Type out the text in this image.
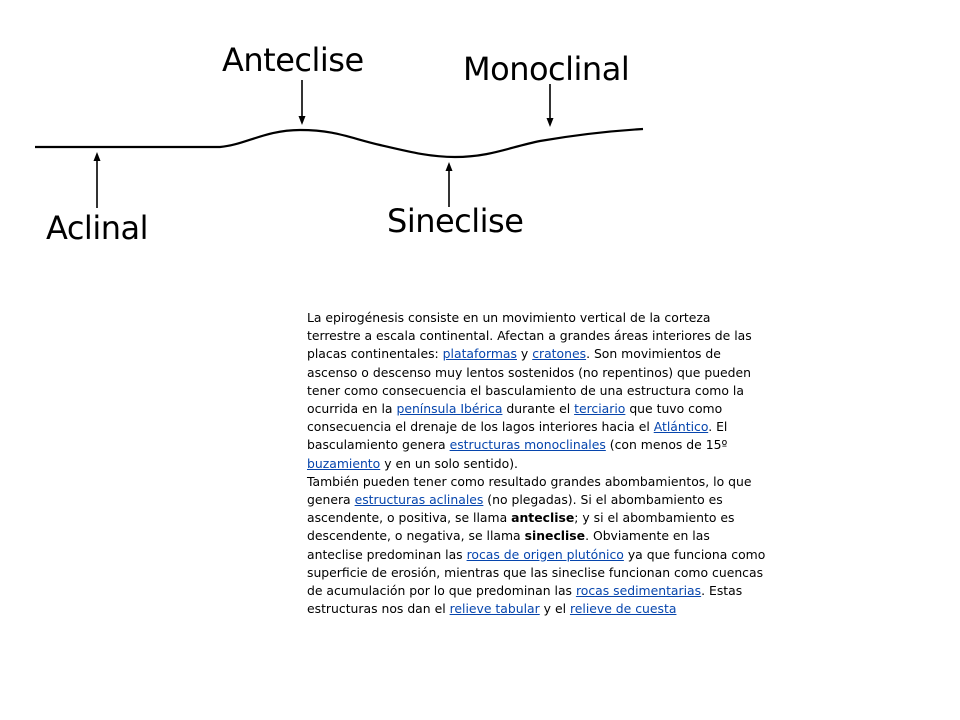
Anteclise	Monoclinal
Aclinal	Sineclise

La epirogénesis consiste en un movimiento vertical de la corteza terrestre a escala continental. Afectan a grandes áreas interiores de las placas continentales: plataformas y cratones. Son movimientos de ascenso o descenso muy lentos sostenidos (no repentinos) que pueden tener como consecuencia el basculamiento de una estructura como la ocurrida en la península Ibérica durante el terciario que tuvo como consecuencia el drenaje de los lagos interiores hacia el Atlántico. El basculamiento genera estructuras monoclinales (con menos de 15º buzamiento y en un solo sentido).

También pueden tener como resultado grandes abombamientos, lo que genera estructuras aclinales (no plegadas). Si el abombamiento es ascendente, o positiva, se llama anteclise; y si el abombamiento es descendente, o negativa, se llama sineclise. Obviamente en las anteclise predominan las rocas de origen plutónico ya que funciona como superficie de erosión, mientras que las sineclise funcionan como cuencas de acumulación por lo que predominan las rocas sedimentarias. Estas estructuras nos dan el relieve tabular y el relieve de cuesta
